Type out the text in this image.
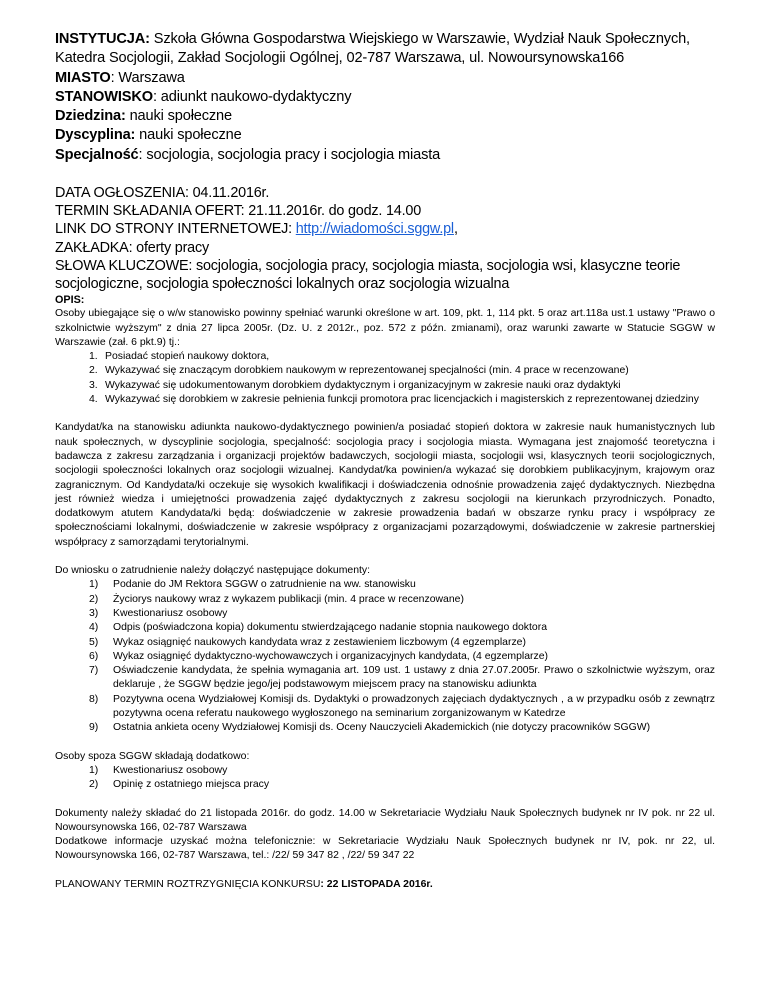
INSTYTUCJA: Szkoła Główna Gospodarstwa Wiejskiego w Warszawie, Wydział Nauk Społecznych, Katedra Socjologii, Zakład Socjologii Ogólnej, 02-787 Warszawa, ul. Nowoursynowska166
MIASTO: Warszawa
STANOWISKO: adiunkt naukowo-dydaktyczny
Dziedzina: nauki społeczne
Dyscyplina: nauki społeczne
Specjalność: socjologia, socjologia pracy i socjologia miasta
DATA OGŁOSZENIA: 04.11.2016r.
TERMIN SKŁADANIA OFERT: 21.11.2016r. do godz. 14.00
LINK DO STRONY INTERNETOWEJ: http://wiadomości.sggw.pl,
ZAKŁADKA: oferty pracy
SŁOWA KLUCZOWE: socjologia, socjologia pracy, socjologia miasta, socjologia wsi, klasyczne teorie socjologiczne, socjologia społeczności lokalnych oraz socjologia wizualna
OPIS:
Osoby ubiegające się o w/w stanowisko powinny spełniać warunki określone w art. 109, pkt. 1, 114 pkt. 5 oraz art.118a ust.1 ustawy "Prawo o szkolnictwie wyższym" z dnia 27 lipca 2005r. (Dz. U. z 2012r., poz. 572 z późn. zmianami), oraz warunki zawarte w Statucie SGGW w Warszawie (zał. 6 pkt.9) tj.:
1. Posiadać stopień naukowy doktora,
2. Wykazywać się znaczącym dorobkiem naukowym w reprezentowanej specjalności (min. 4 prace w recenzowane)
3. Wykazywać się udokumentowanym dorobkiem dydaktycznym i organizacyjnym w zakresie nauki oraz dydaktyki
4. Wykazywać się dorobkiem w zakresie pełnienia funkcji promotora prac licencjackich i magisterskich z reprezentowanej dziedziny
Kandydat/ka na stanowisku adiunkta naukowo-dydaktycznego powinien/a posiadać stopień doktora w zakresie nauk humanistycznych lub nauk społecznych, w dyscyplinie socjologia, specjalność: socjologia pracy i socjologia miasta. Wymagana jest znajomość teoretyczna i badawcza z zakresu zarządzania i organizacji projektów badawczych, socjologii miasta, socjologii wsi, klasycznych teorii socjologicznych, socjologii społeczności lokalnych oraz socjologii wizualnej. Kandydat/ka powinien/a wykazać się dorobkiem publikacyjnym, krajowym oraz zagranicznym. Od Kandydata/ki oczekuje się wysokich kwalifikacji i doświadczenia odnośnie prowadzenia zajęć dydaktycznych. Niezbędna jest również wiedza i umiejętności prowadzenia zajęć dydaktycznych z zakresu socjologii na kierunkach przyrodniczych. Ponadto, dodatkowym atutem Kandydata/ki będą: doświadczenie w zakresie prowadzenia badań w obszarze rynku pracy i współpracy ze społecznościami lokalnymi, doświadczenie w zakresie współpracy z organizacjami pozarządowymi, doświadczenie w zakresie partnerskiej współpracy z samorządami terytorialnymi.
Do wniosku o zatrudnienie należy dołączyć następujące dokumenty:
1)	Podanie do JM Rektora SGGW o zatrudnienie na ww. stanowisku
2)	Życiorys naukowy wraz z wykazem publikacji (min. 4 prace w recenzowane)
3)	Kwestionariusz osobowy
4)	Odpis (poświadczona kopia) dokumentu stwierdzającego nadanie stopnia naukowego doktora
5)	Wykaz osiągnięć naukowych kandydata wraz z zestawieniem liczbowym (4 egzemplarze)
6)	Wykaz osiągnięć dydaktyczno-wychowawczych i organizacyjnych kandydata, (4 egzemplarze)
7)	Oświadczenie kandydata, że spełnia wymagania art. 109 ust. 1 ustawy z dnia 27.07.2005r. Prawo o szkolnictwie wyższym, oraz deklaruje , że SGGW będzie jego/jej podstawowym miejscem pracy na stanowisku adiunkta
8)	Pozytywna ocena Wydziałowej Komisji ds. Dydaktyki o prowadzonych zajęciach dydaktycznych , a w przypadku osób z zewnątrz pozytywna ocena referatu naukowego wygłoszonego na seminarium zorganizowanym w Katedrze
9)	Ostatnia ankieta oceny Wydziałowej Komisji ds. Oceny Nauczycieli Akademickich (nie dotyczy pracowników SGGW)
Osoby spoza SGGW składają dodatkowo:
1)	Kwestionariusz osobowy
2)	Opinię z ostatniego miejsca pracy
Dokumenty należy składać do 21 listopada 2016r. do godz. 14.00 w Sekretariacie Wydziału Nauk Społecznych budynek nr IV pok. nr 22 ul. Nowoursynowska 166, 02-787 Warszawa
Dodatkowe informacje uzyskać można telefonicznie: w Sekretariacie Wydziału Nauk Społecznych budynek nr IV, pok. nr 22, ul. Nowoursynowska 166, 02-787 Warszawa, tel.: /22/ 59 347 82 , /22/ 59 347 22
PLANOWANY TERMIN ROZTRZYGNIĘCIA KONKURSU: 22 LISTOPADA 2016r.
